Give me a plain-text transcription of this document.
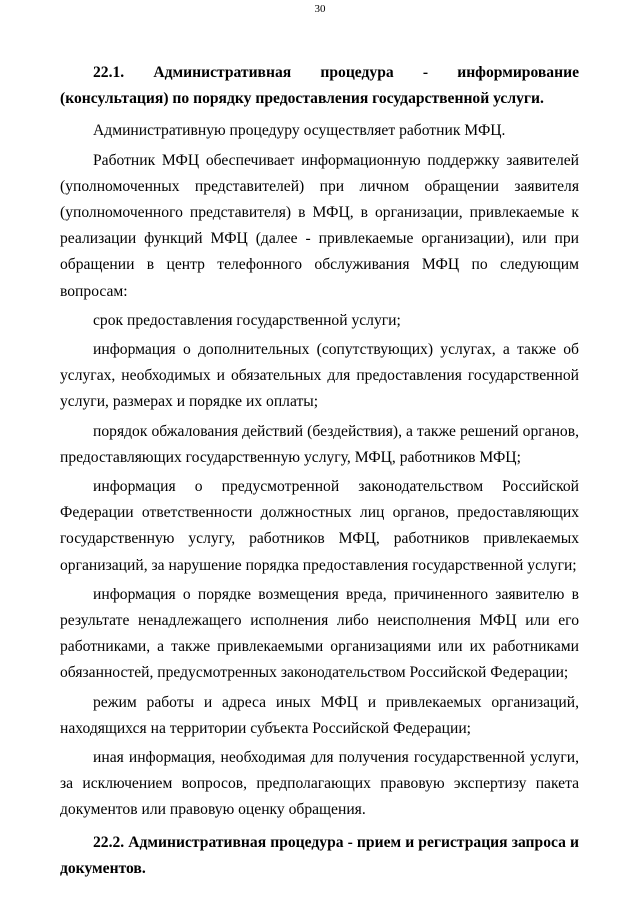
30

22.1. Административная процедура - информирование (консультация) по порядку предоставления государственной услуги.

Административную процедуру осуществляет работник МФЦ.

Работник МФЦ обеспечивает информационную поддержку заявителей (уполномоченных представителей) при личном обращении заявителя (уполномоченного представителя) в МФЦ, в организации, привлекаемые к реализации функций МФЦ (далее - привлекаемые организации), или при обращении в центр телефонного обслуживания МФЦ по следующим вопросам:

срок предоставления государственной услуги;

информация о дополнительных (сопутствующих) услугах, а также об услугах, необходимых и обязательных для предоставления государственной услуги, размерах и порядке их оплаты;

порядок обжалования действий (бездействия), а также решений органов, предоставляющих государственную услугу, МФЦ, работников МФЦ;

информация о предусмотренной законодательством Российской Федерации ответственности должностных лиц органов, предоставляющих государственную услугу, работников МФЦ, работников привлекаемых организаций, за нарушение порядка предоставления государственной услуги;

информация о порядке возмещения вреда, причиненного заявителю в результате ненадлежащего исполнения либо неисполнения МФЦ или его работниками, а также привлекаемыми организациями или их работниками обязанностей, предусмотренных законодательством Российской Федерации;

режим работы и адреса иных МФЦ и привлекаемых организаций, находящихся на территории субъекта Российской Федерации;

иная информация, необходимая для получения государственной услуги, за исключением вопросов, предполагающих правовую экспертизу пакета документов или правовую оценку обращения.

22.2. Административная процедура - прием и регистрация запроса и документов.
